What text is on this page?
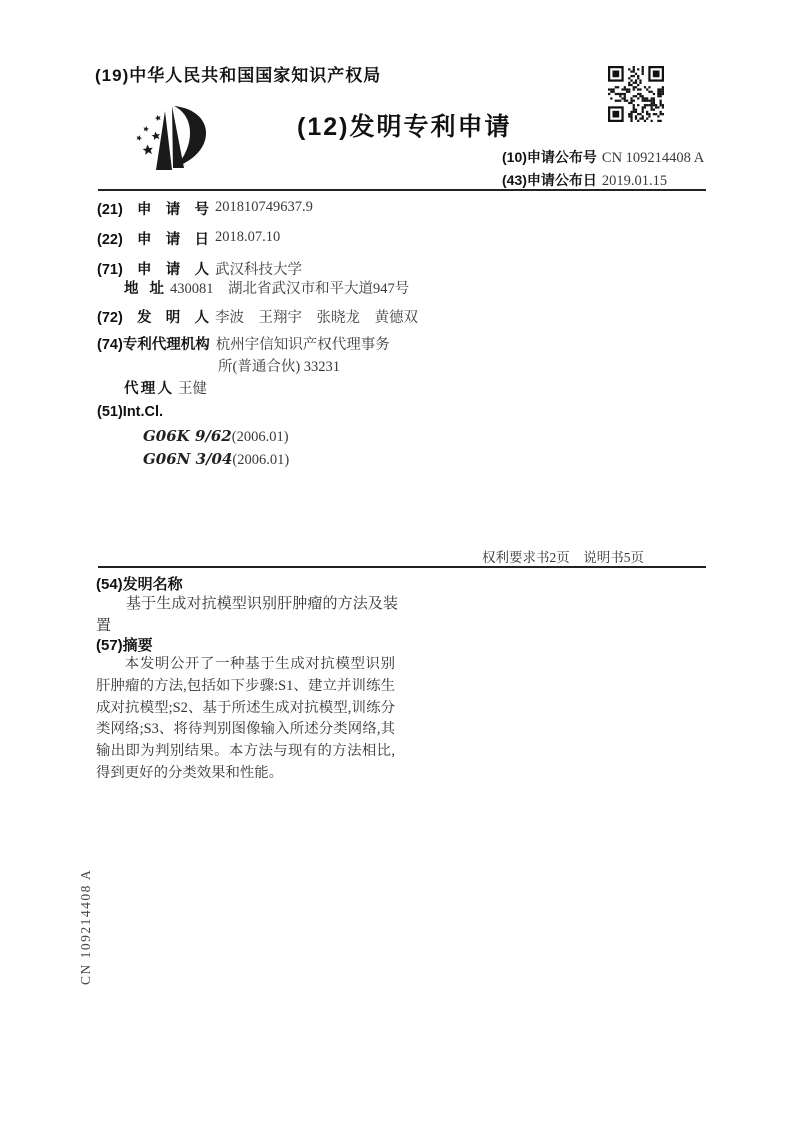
(19)中华人民共和国国家知识产权局
(12)发明专利申请
(10)申请公布号 CN 109214408 A
(43)申请公布日 2019.01.15
(21)申请号 201810749637.9
(22)申请日 2018.07.10
(71)申请人 武汉科技大学
地址 430081　湖北省武汉市和平大道947号
(72)发明人 李波　王翔宇　张晓龙　黄德双
(74)专利代理机构 杭州宇信知识产权代理事务
所(普通合伙) 33231
代理人 王健
(51)Int.Cl.
G06K 9/62(2006.01)
G06N 3/04(2006.01)
权利要求书2页　说明书5页
(54)发明名称
基于生成对抗模型识别肝肿瘤的方法及装置
(57)摘要
本发明公开了一种基于生成对抗模型识别肝肿瘤的方法,包括如下步骤:S1、建立并训练生成对抗模型;S2、基于所述生成对抗模型,训练分类网络;S3、将待判别图像输入所述分类网络,其输出即为判别结果。本方法与现有的方法相比,得到更好的分类效果和性能。
CN 109214408 A
